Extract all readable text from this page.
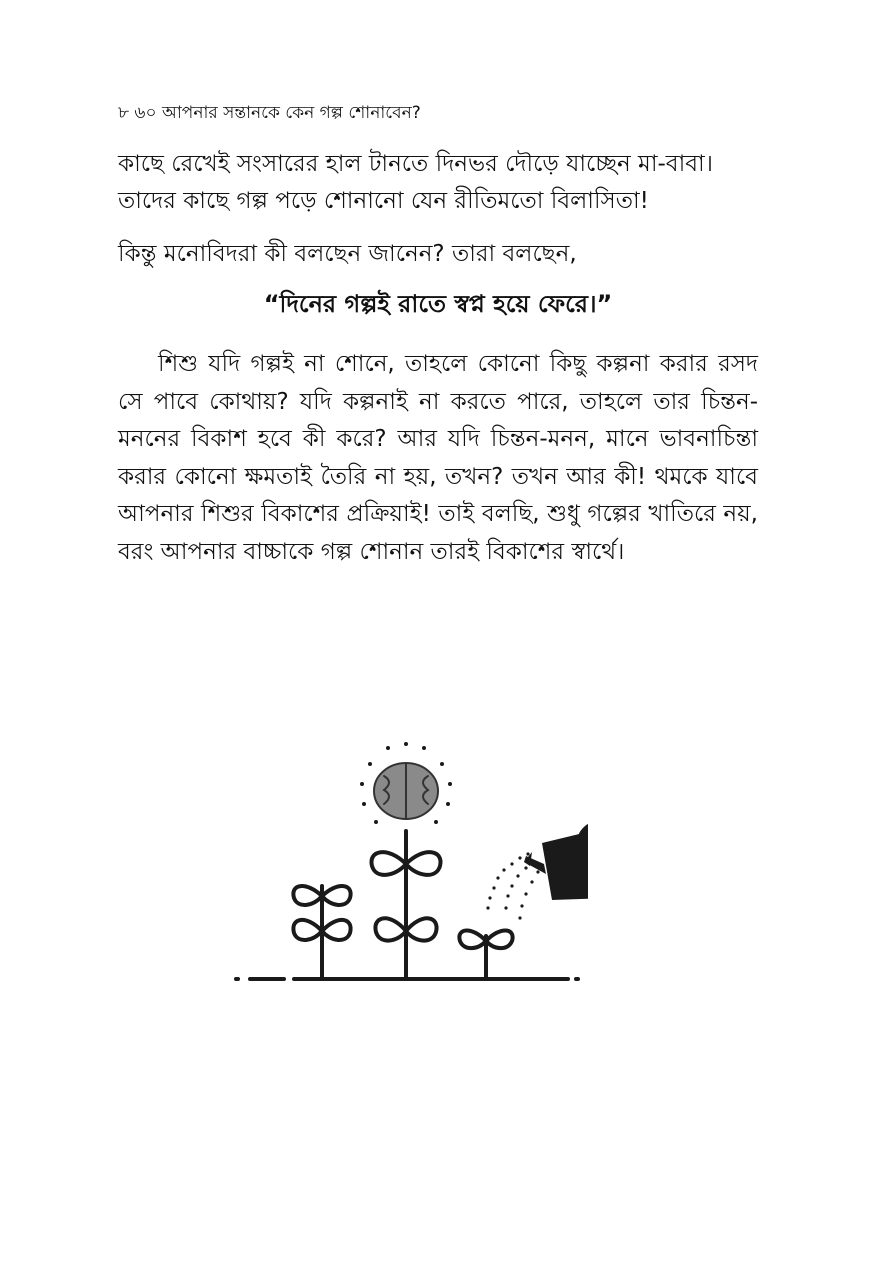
৮ ৬০ আপনার সন্তানকে কেন গল্প শোনাবেন?
কাছে রেখেই সংসারের হাল টানতে দিনভর দৌড়ে যাচ্ছেন মা-বাবা। তাদের কাছে গল্প পড়ে শোনানো যেন রীতিমতো বিলাসিতা!
কিন্তু মনোবিদরা কী বলছেন জানেন? তারা বলছেন,
“দিনের গল্পই রাতে স্বপ্ন হয়ে ফেরে।”
শিশু যদি গল্পই না শোনে, তাহলে কোনো কিছু কল্পনা করার রসদ সে পাবে কোথায়? যদি কল্পনাই না করতে পারে, তাহলে তার চিন্তন-মননের বিকাশ হবে কী করে? আর যদি চিন্তন-মনন, মানে ভাবনাচিন্তা করার কোনো ক্ষমতাই তৈরি না হয়, তখন? তখন আর কী! থমকে যাবে আপনার শিশুর বিকাশের প্রক্রিয়াই! তাই বলছি, শুধু গল্পের খাতিরে নয়, বরং আপনার বাচ্চাকে গল্প শোনান তারই বিকাশের স্বার্থে।
